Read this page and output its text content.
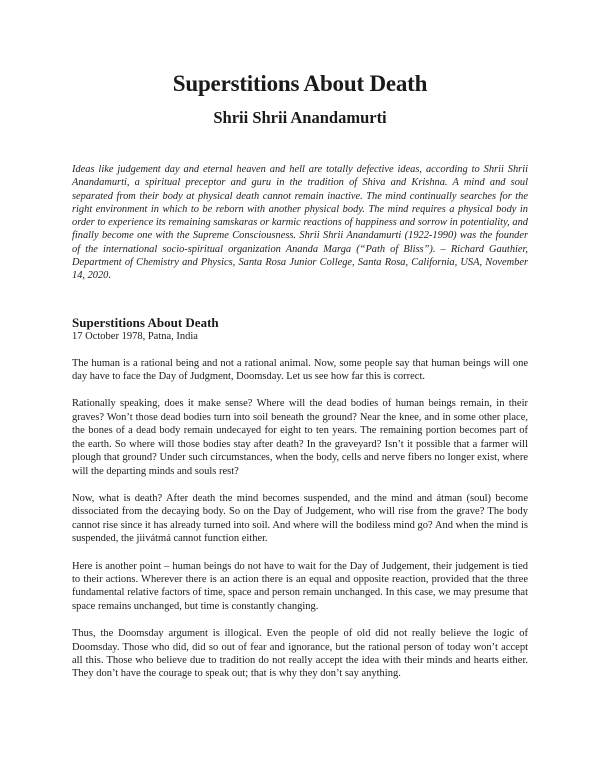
Superstitions About Death
Shrii Shrii Anandamurti

Ideas like judgement day and eternal heaven and hell are totally defective ideas, according to Shrii Shrii Anandamurti, a spiritual preceptor and guru in the tradition of Shiva and Krishna. A mind and soul separated from their body at physical death cannot remain inactive. The mind continually searches for the right environment in which to be reborn with another physical body. The mind requires a physical body in order to experience its remaining samskaras or karmic reactions of happiness and sorrow in potentiality, and finally become one with the Supreme Consciousness. Shrii Shrii Anandamurti (1922-1990) was the founder of the international socio-spiritual organization Ananda Marga (“Path of Bliss”). – Richard Gauthier, Department of Chemistry and Physics, Santa Rosa Junior College, Santa Rosa, California, USA, November 14, 2020.

Superstitions About Death

17 October 1978, Patna, India

The human is a rational being and not a rational animal. Now, some people say that human beings will one day have to face the Day of Judgment, Doomsday. Let us see how far this is correct.

Rationally speaking, does it make sense? Where will the dead bodies of human beings remain, in their graves? Won’t those dead bodies turn into soil beneath the ground? Near the knee, and in some other place, the bones of a dead body remain undecayed for eight to ten years. The remaining portion becomes part of the earth. So where will those bodies stay after death? In the graveyard? Isn’t it possible that a farmer will plough that ground? Under such circumstances, when the body, cells and nerve fibers no longer exist, where will the departing minds and souls rest?

Now, what is death? After death the mind becomes suspended, and the mind and átman (soul) become dissociated from the decaying body. So on the Day of Judgement, who will rise from the grave? The body cannot rise since it has already turned into soil. And where will the bodiless mind go? And when the mind is suspended, the jiivátmá cannot function either.

Here is another point – human beings do not have to wait for the Day of Judgement, their judgement is tied to their actions. Wherever there is an action there is an equal and opposite reaction, provided that the three fundamental relative factors of time, space and person remain unchanged. In this case, we may presume that space remains unchanged, but time is constantly changing.

Thus, the Doomsday argument is illogical. Even the people of old did not really believe the logic of Doomsday. Those who did, did so out of fear and ignorance, but the rational person of today won’t accept all this. Those who believe due to tradition do not really accept the idea with their minds and hearts either. They don’t have the courage to speak out; that is why they don’t say anything.
